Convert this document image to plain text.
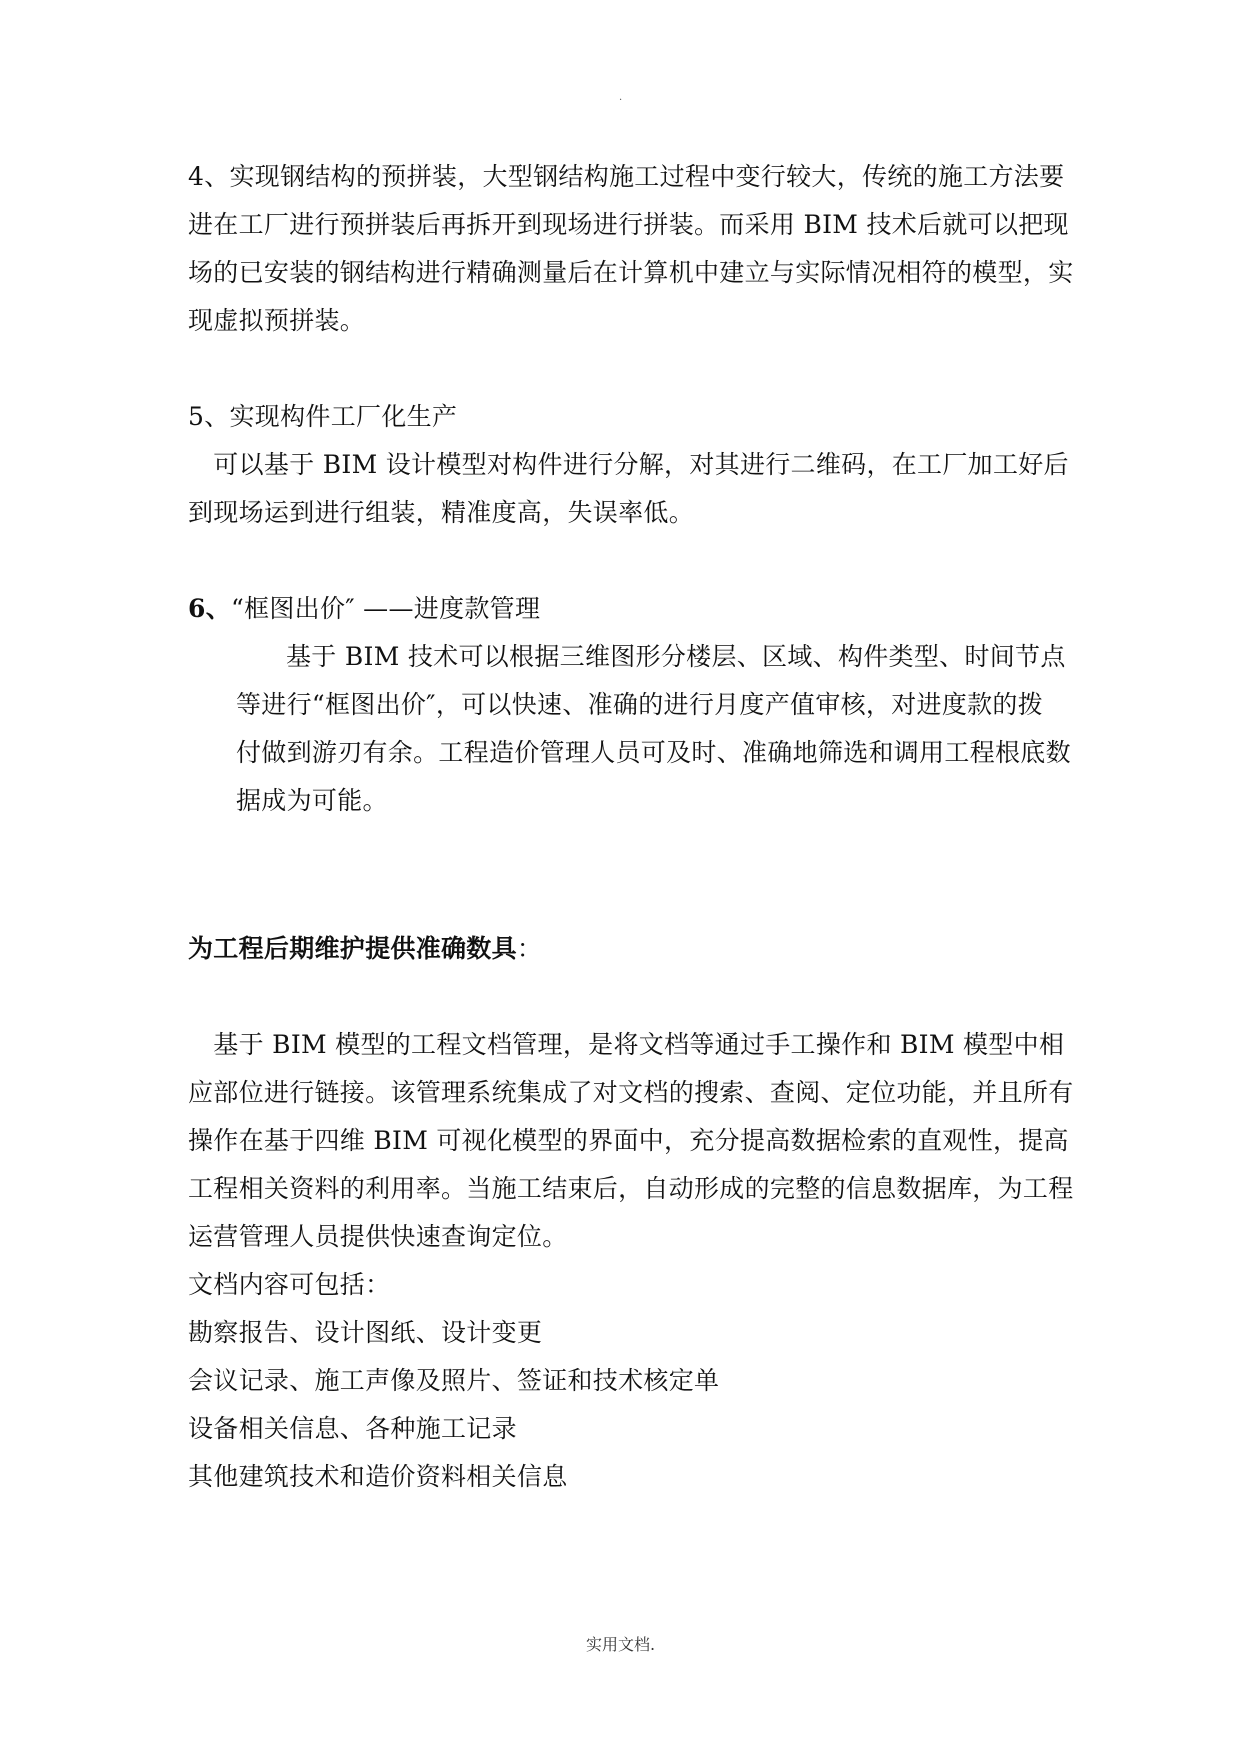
.
4、实现钢结构的预拼装，大型钢结构施工过程中变行较大，传统的施工方法要
进在工厂进行预拼装后再拆开到现场进行拼装。而采用 BIM 技术后就可以把现
场的已安装的钢结构进行精确测量后在计算机中建立与实际情况相符的模型，实
现虚拟预拼装。
5、实现构件工厂化生产
　可以基于 BIM 设计模型对构件进行分解，对其进行二维码，在工厂加工好后
到现场运到进行组装，精准度高，失误率低。
6、“框图出价″ ——进度款管理
基于 BIM 技术可以根据三维图形分楼层、区域、构件类型、时间节点
等进行“框图出价″，可以快速、准确的进行月度产值审核，对进度款的拨
付做到游刃有余。工程造价管理人员可及时、准确地筛选和调用工程根底数
据成为可能。
为工程后期维护提供准确数具：
　基于 BIM 模型的工程文档管理，是将文档等通过手工操作和 BIM 模型中相
应部位进行链接。该管理系统集成了对文档的搜索、查阅、定位功能，并且所有
操作在基于四维 BIM 可视化模型的界面中，充分提高数据检索的直观性，提高
工程相关资料的利用率。当施工结束后，自动形成的完整的信息数据库，为工程
运营管理人员提供快速查询定位。
文档内容可包括：
勘察报告、设计图纸、设计变更
会议记录、施工声像及照片、签证和技术核定单
设备相关信息、各种施工记录
其他建筑技术和造价资料相关信息
实用文档.
